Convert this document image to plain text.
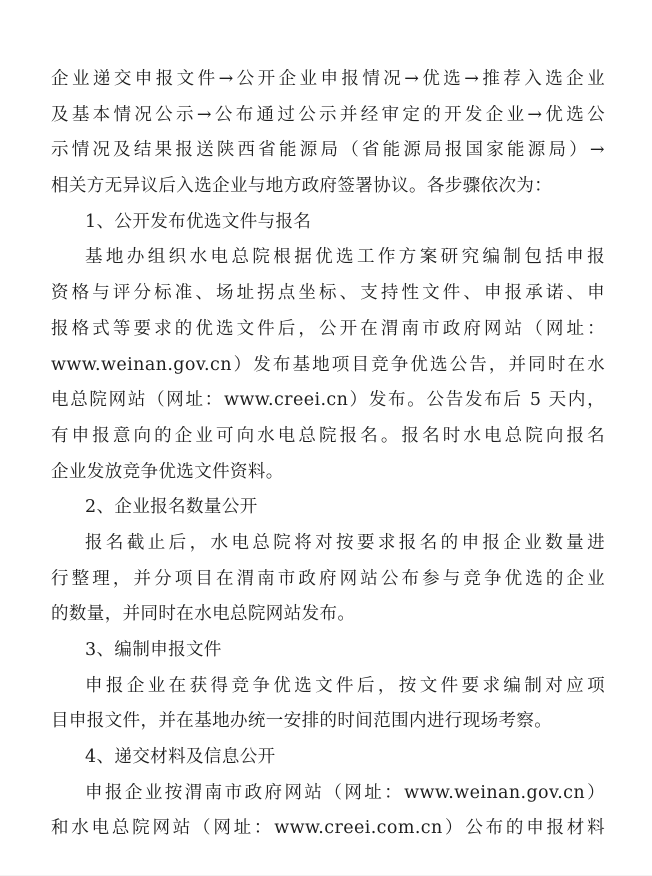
企业递交申报文件→公开企业申报情况→优选→推荐入选企业
及基本情况公示→公布通过公示并经审定的开发企业→优选公
示情况及结果报送陕西省能源局（省能源局报国家能源局）→
相关方无异议后入选企业与地方政府签署协议。各步骤依次为：
1、公开发布优选文件与报名
基地办组织水电总院根据优选工作方案研究编制包括申报
资格与评分标准、场址拐点坐标、支持性文件、申报承诺、申
报格式等要求的优选文件后，公开在渭南市政府网站（网址：
www.weinan.gov.cn）发布基地项目竞争优选公告，并同时在水
电总院网站（网址：www.creei.cn）发布。公告发布后 5 天内，
有申报意向的企业可向水电总院报名。报名时水电总院向报名
企业发放竞争优选文件资料。
2、企业报名数量公开
报名截止后，水电总院将对按要求报名的申报企业数量进
行整理，并分项目在渭南市政府网站公布参与竞争优选的企业
的数量，并同时在水电总院网站发布。
3、编制申报文件
申报企业在获得竞争优选文件后，按文件要求编制对应项
目申报文件，并在基地办统一安排的时间范围内进行现场考察。
4、递交材料及信息公开
申报企业按渭南市政府网站（网址：www.weinan.gov.cn）
和水电总院网站（网址：www.creei.com.cn）公布的申报材料
